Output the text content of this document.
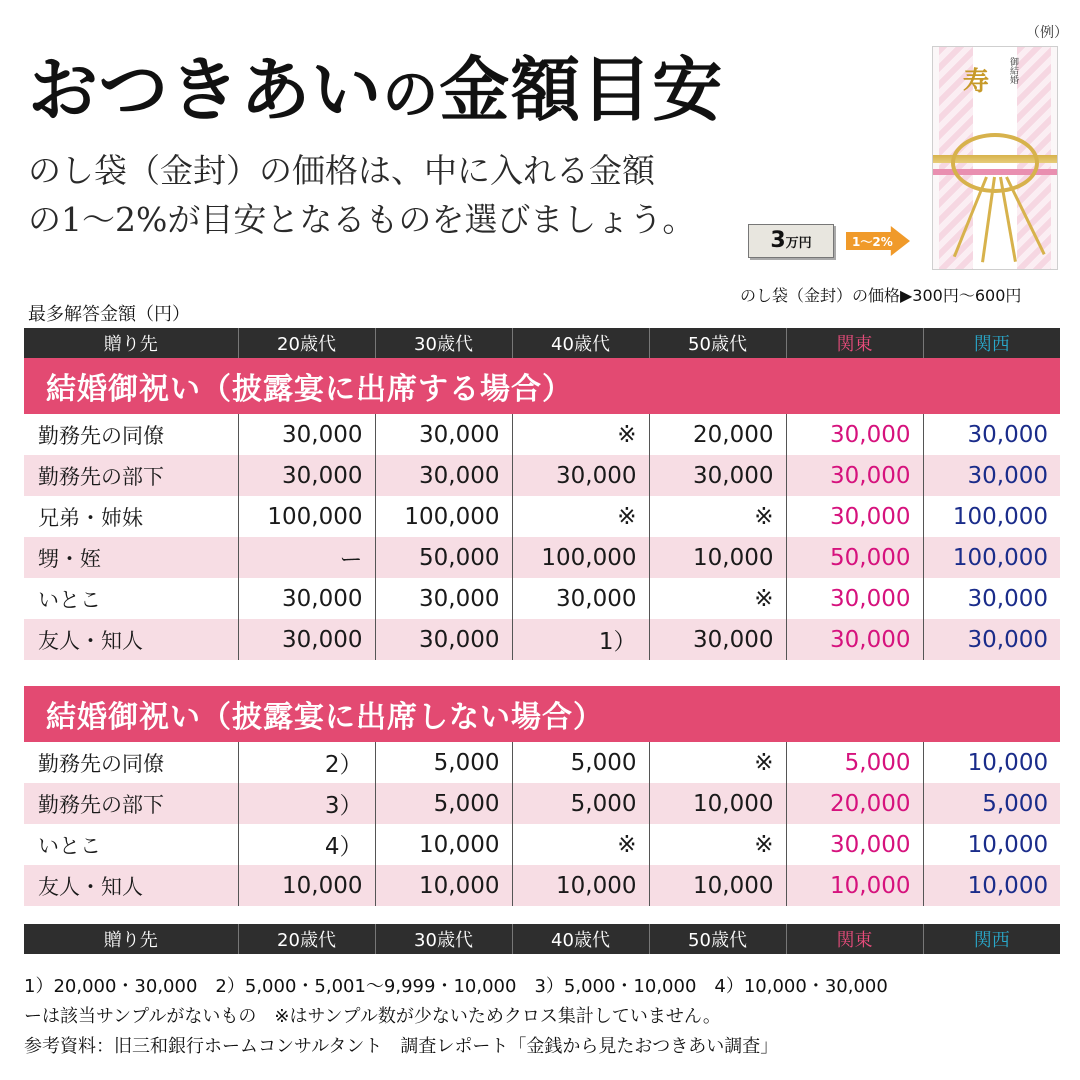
おつきあいの金額目安
のし袋（金封）の価格は、中に入れる金額
の1〜2%が目安となるものを選びましょう。
（例）
寿 御結婚
3万円	1〜2%
のし袋（金封）の価格▶300円〜600円
最多解答金額（円）
贈り先	20歳代	30歳代	40歳代	50歳代	関東	関西
結婚御祝い（披露宴に出席する場合）						
勤務先の同僚	30,000	30,000	※	20,000	30,000	30,000
勤務先の部下	30,000	30,000	30,000	30,000	30,000	30,000
兄弟・姉妹	100,000	100,000	※	※	30,000	100,000
甥・姪	ー	50,000	100,000	10,000	50,000	100,000
いとこ	30,000	30,000	30,000	※	30,000	30,000
友人・知人	30,000	30,000	1）	30,000	30,000	30,000
結婚御祝い（披露宴に出席しない場合）						
勤務先の同僚	2）	5,000	5,000	※	5,000	10,000
勤務先の部下	3）	5,000	5,000	10,000	20,000	5,000
いとこ	4）	10,000	※	※	30,000	10,000
友人・知人	10,000	10,000	10,000	10,000	10,000	10,000
贈り先	20歳代	30歳代	40歳代	50歳代	関東	関西
1）20,000・30,000　2）5,000・5,001〜9,999・10,000　3）5,000・10,000　4）10,000・30,000
ーは該当サンプルがないもの　※はサンプル数が少ないためクロス集計していません。
参考資料：旧三和銀行ホームコンサルタント　調査レポート「金銭から見たおつきあい調査」
